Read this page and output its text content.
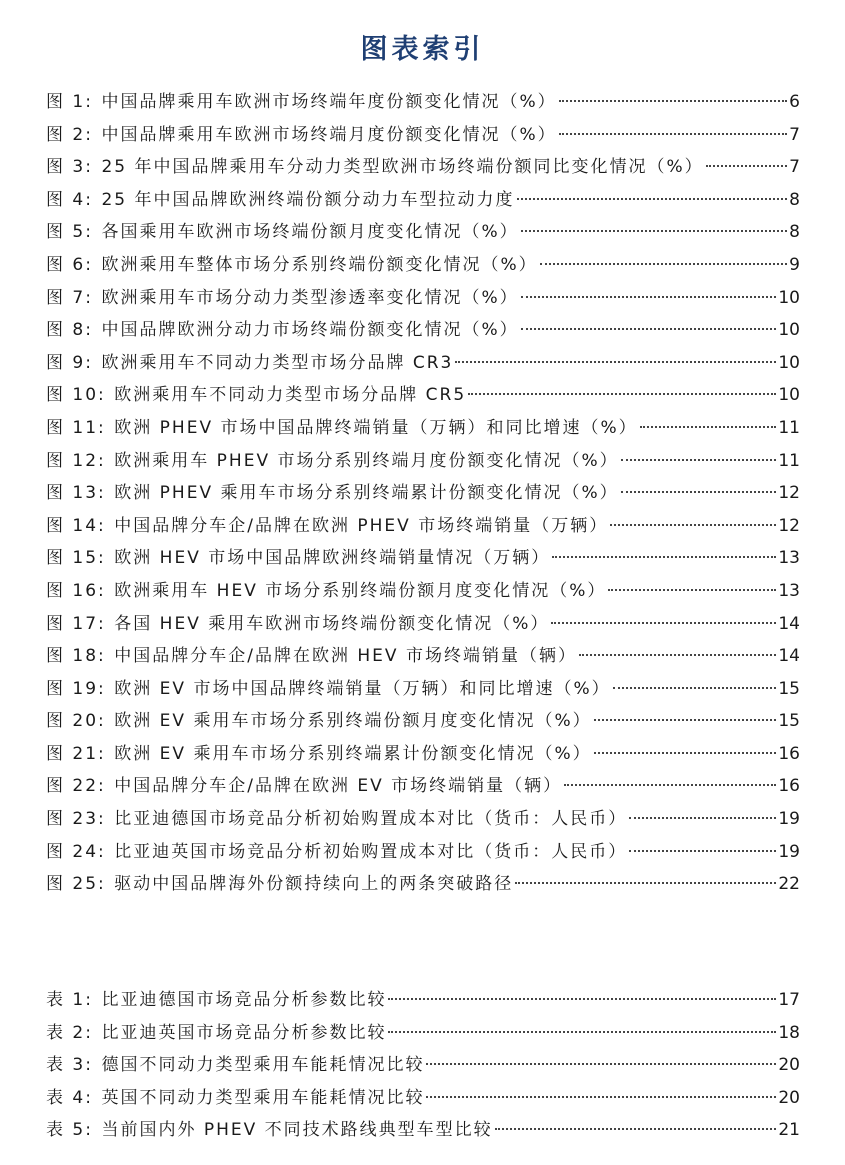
图表索引
图 1:
  中国品牌乘用车欧洲市场终端年度份额变化情况（%）	6
图 2:
  中国品牌乘用车欧洲市场终端月度份额变化情况（%）	7
图 3:
  25 年中国品牌乘用车分动力类型欧洲市场终端份额同比变化情况（%）	7
图 4:
  25 年中国品牌欧洲终端份额分动力车型拉动力度	8
图 5:
  各国乘用车欧洲市场终端份额月度变化情况（%）	8
图 6:
  欧洲乘用车整体市场分系别终端份额变化情况（%）	9
图 7:
  欧洲乘用车市场分动力类型渗透率变化情况（%）	10
图 8:
  中国品牌欧洲分动力市场终端份额变化情况（%）	10
图 9:
  欧洲乘用车不同动力类型市场分品牌 CR3	10
图 10:
  欧洲乘用车不同动力类型市场分品牌 CR5	10
图 11:
  欧洲 PHEV 市场中国品牌终端销量（万辆）和同比增速（%）	11
图 12:
  欧洲乘用车 PHEV 市场分系别终端月度份额变化情况（%）	11
图 13:
  欧洲 PHEV 乘用车市场分系别终端累计份额变化情况（%）	12
图 14:
  中国品牌分车企/品牌在欧洲 PHEV 市场终端销量（万辆）	12
图 15:
  欧洲 HEV 市场中国品牌欧洲终端销量情况（万辆）	13
图 16:
  欧洲乘用车 HEV 市场分系别终端份额月度变化情况（%）	13
图 17:
  各国 HEV 乘用车欧洲市场终端份额变化情况（%）	14
图 18:
  中国品牌分车企/品牌在欧洲 HEV 市场终端销量（辆）	14
图 19:
  欧洲 EV 市场中国品牌终端销量（万辆）和同比增速（%）	15
图 20:
  欧洲 EV 乘用车市场分系别终端份额月度变化情况（%）	15
图 21:
  欧洲 EV 乘用车市场分系别终端累计份额变化情况（%）	16
图 22:
  中国品牌分车企/品牌在欧洲 EV 市场终端销量（辆）	16
图 23:
  比亚迪德国市场竞品分析初始购置成本对比（货币：人民币）	19
图 24:
  比亚迪英国市场竞品分析初始购置成本对比（货币：人民币）	19
图 25:
  驱动中国品牌海外份额持续向上的两条突破路径	22
表 1:
  比亚迪德国市场竞品分析参数比较	17
表 2:
  比亚迪英国市场竞品分析参数比较	18
表 3:
  德国不同动力类型乘用车能耗情况比较	20
表 4:
  英国不同动力类型乘用车能耗情况比较	20
表 5:
  当前国内外 PHEV 不同技术路线典型车型比较	21
